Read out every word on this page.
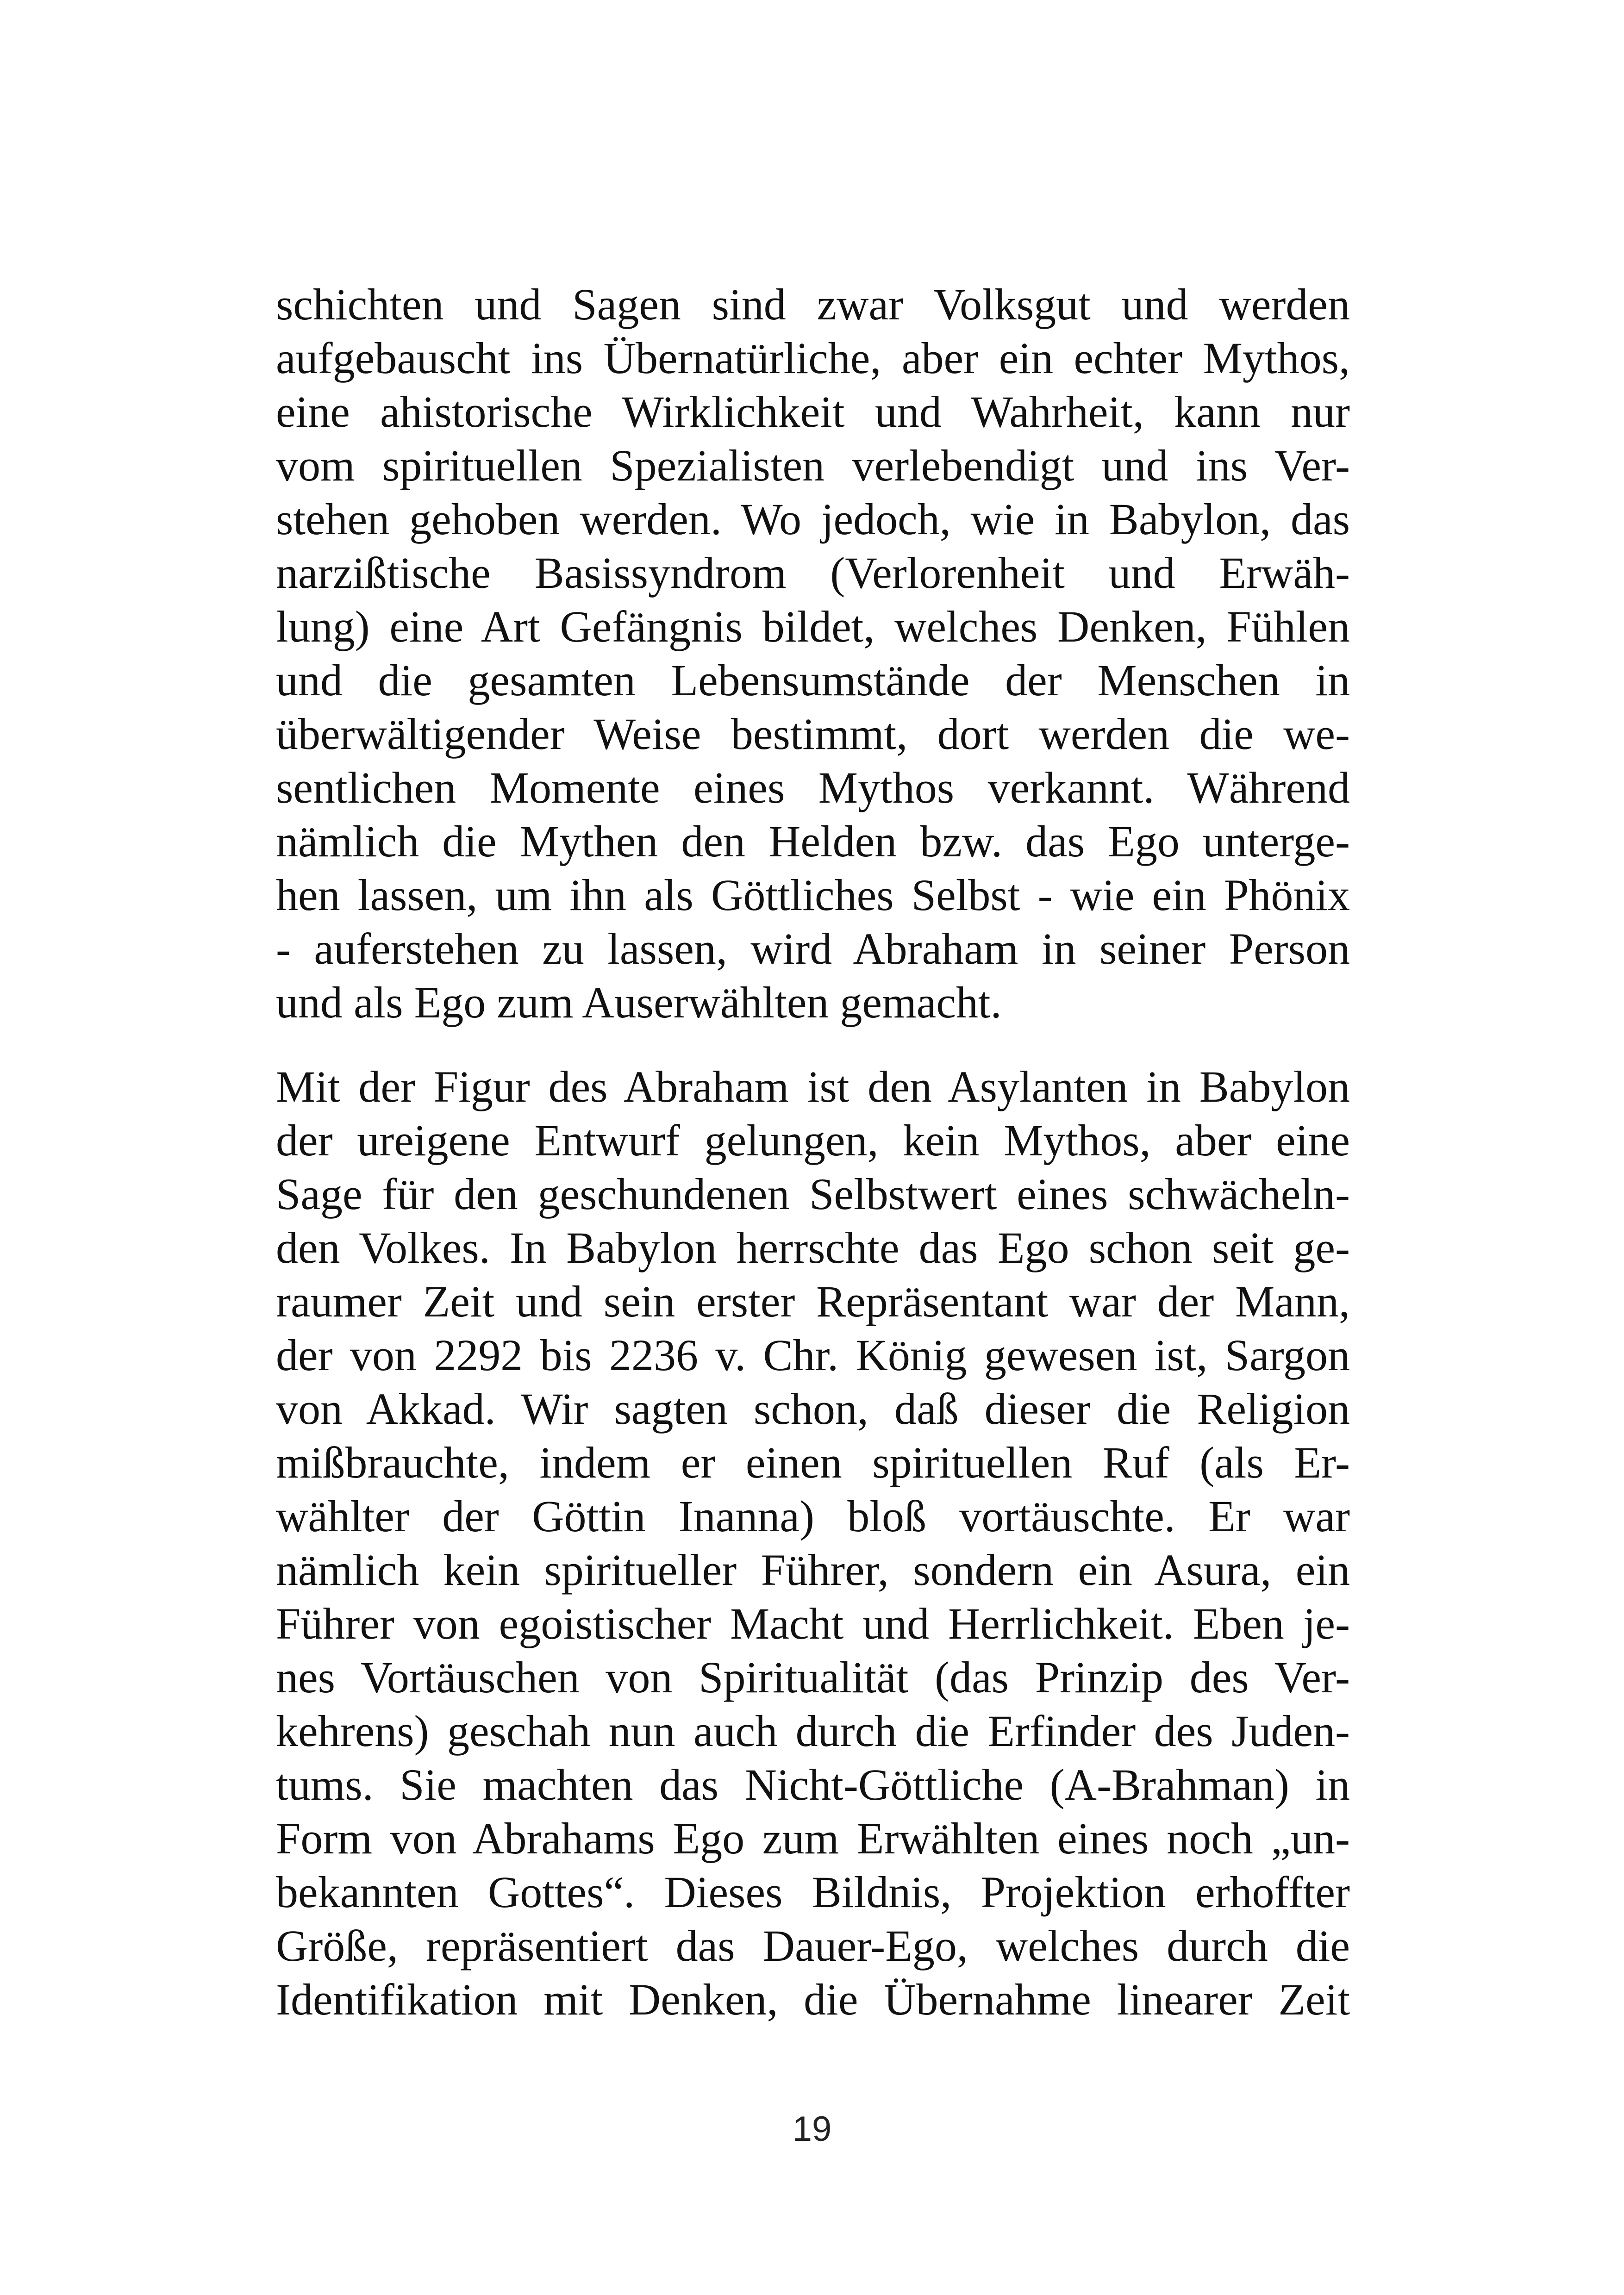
schichten und Sagen sind zwar Volksgut und werden
aufgebauscht ins Übernatürliche, aber ein echter Mythos,
eine ahistorische Wirklichkeit und Wahrheit, kann nur
vom spirituellen Spezialisten verlebendigt und ins Ver-
stehen gehoben werden. Wo jedoch, wie in Babylon, das
narzißtische Basissyndrom (Verlorenheit und Erwäh-
lung) eine Art Gefängnis bildet, welches Denken, Fühlen
und die gesamten Lebensumstände der Menschen in
überwältigender Weise bestimmt, dort werden die we-
sentlichen Momente eines Mythos verkannt. Während
nämlich die Mythen den Helden bzw. das Ego unterge-
hen lassen, um ihn als Göttliches Selbst - wie ein Phönix
- auferstehen zu lassen, wird Abraham in seiner Person
und als Ego zum Auserwählten gemacht.
Mit der Figur des Abraham ist den Asylanten in Babylon
der ureigene Entwurf gelungen, kein Mythos, aber eine
Sage für den geschundenen Selbstwert eines schwächeln-
den Volkes. In Babylon herrschte das Ego schon seit ge-
raumer Zeit und sein erster Repräsentant war der Mann,
der von 2292 bis 2236 v. Chr. König gewesen ist, Sargon
von Akkad. Wir sagten schon, daß dieser die Religion
mißbrauchte, indem er einen spirituellen Ruf (als Er-
wählter der Göttin Inanna) bloß vortäuschte. Er war
nämlich kein spiritueller Führer, sondern ein Asura, ein
Führer von egoistischer Macht und Herrlichkeit. Eben je-
nes Vortäuschen von Spiritualität (das Prinzip des Ver-
kehrens) geschah nun auch durch die Erfinder des Juden-
tums. Sie machten das Nicht-Göttliche (A-Brahman) in
Form von Abrahams Ego zum Erwählten eines noch „un-
bekannten Gottes“. Dieses Bildnis, Projektion erhoffter
Größe, repräsentiert das Dauer-Ego, welches durch die
Identifikation mit Denken, die Übernahme linearer Zeit
19
